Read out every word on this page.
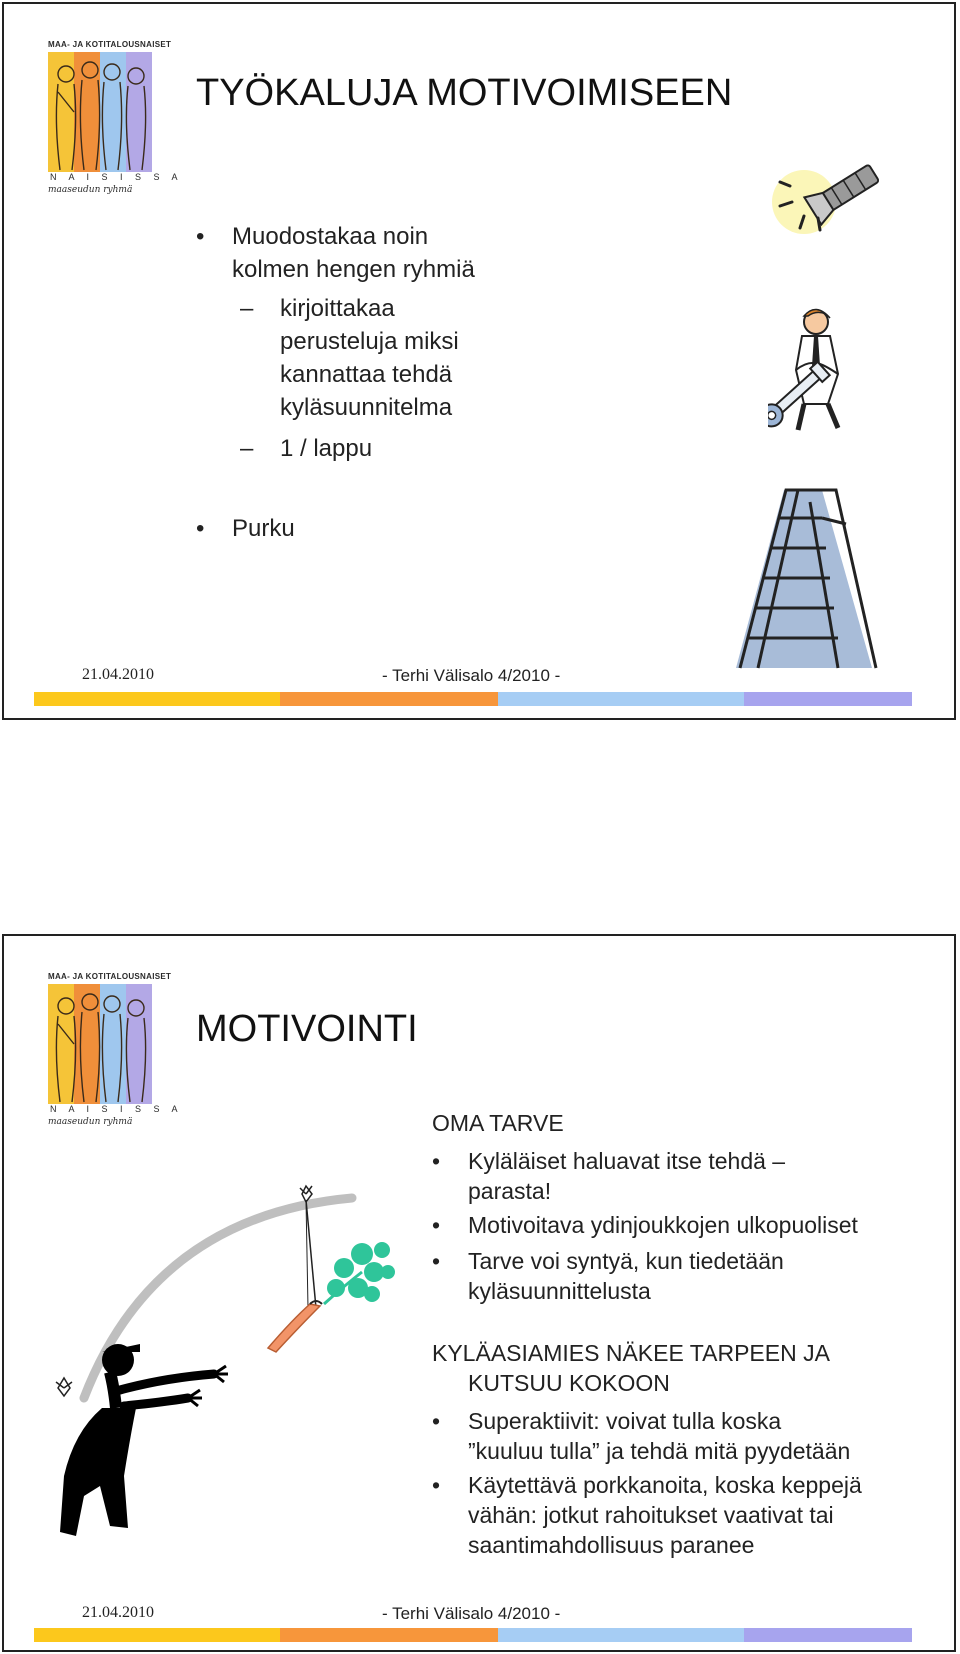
MAA- JA KOTITALOUSNAISET
N A I S I S S A
maaseudun ryhmä
TYÖKALUJA MOTIVOIMISEEN
•	Muodostakaa noin
kolmen hengen ryhmiä
–	kirjoittakaa
perusteluja miksi
kannattaa tehdä
kyläsuunnitelma
–	1 / lappu
•	Purku
21.04.2010	- Terhi Välisalo 4/2010 -
MAA- JA KOTITALOUSNAISET
N A I S I S S A
maaseudun ryhmä
MOTIVOINTI
OMA TARVE
•	Kyläläiset haluavat itse tehdä –
parasta!
•	Motivoitava ydinjoukkojen ulkopuoliset
•	Tarve voi syntyä, kun tiedetään
kyläsuunnittelusta
KYLÄASIAMIES NÄKEE TARPEEN JA
KUTSUU KOKOON
•	Superaktiivit: voivat tulla koska
”kuuluu tulla” ja tehdä mitä pyydetään
•	Käytettävä porkkanoita, koska keppejä
vähän: jotkut rahoitukset vaativat tai
saantimahdollisuus paranee
21.04.2010	- Terhi Välisalo 4/2010 -
